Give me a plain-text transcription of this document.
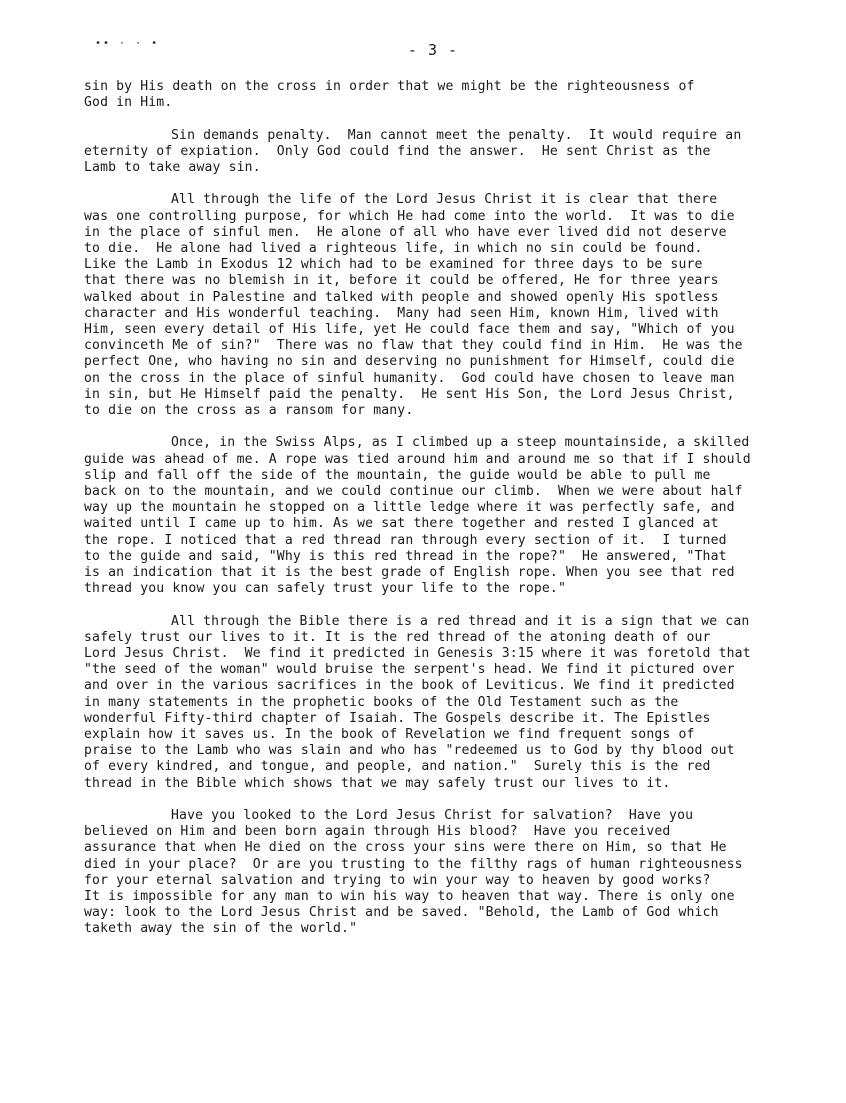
•∙ · · •	- 3 -
sin by His death on the cross in order that we might be the righteousness of
God in Him.
Sin demands penalty.  Man cannot meet the penalty.  It would require an
eternity of expiation.  Only God could find the answer.  He sent Christ as the
Lamb to take away sin.
All through the life of the Lord Jesus Christ it is clear that there
was one controlling purpose, for which He had come into the world.  It was to die
in the place of sinful men.  He alone of all who have ever lived did not deserve
to die.  He alone had lived a righteous life, in which no sin could be found.
Like the Lamb in Exodus 12 which had to be examined for three days to be sure
that there was no blemish in it, before it could be offered, He for three years
walked about in Palestine and talked with people and showed openly His spotless
character and His wonderful teaching.  Many had seen Him, known Him, lived with
Him, seen every detail of His life, yet He could face them and say, "Which of you
convinceth Me of sin?"  There was no flaw that they could find in Him.  He was the
perfect One, who having no sin and deserving no punishment for Himself, could die
on the cross in the place of sinful humanity.  God could have chosen to leave man
in sin, but He Himself paid the penalty.  He sent His Son, the Lord Jesus Christ,
to die on the cross as a ransom for many.
Once, in the Swiss Alps, as I climbed up a steep mountainside, a skilled
guide was ahead of me. A rope was tied around him and around me so that if I should
slip and fall off the side of the mountain, the guide would be able to pull me
back on to the mountain, and we could continue our climb.  When we were about half
way up the mountain he stopped on a little ledge where it was perfectly safe, and
waited until I came up to him. As we sat there together and rested I glanced at
the rope. I noticed that a red thread ran through every section of it.  I turned
to the guide and said, "Why is this red thread in the rope?"  He answered, "That
is an indication that it is the best grade of English rope. When you see that red
thread you know you can safely trust your life to the rope."
All through the Bible there is a red thread and it is a sign that we can
safely trust our lives to it. It is the red thread of the atoning death of our
Lord Jesus Christ.  We find it predicted in Genesis 3:15 where it was foretold that
"the seed of the woman" would bruise the serpent's head. We find it pictured over
and over in the various sacrifices in the book of Leviticus. We find it predicted
in many statements in the prophetic books of the Old Testament such as the
wonderful Fifty-third chapter of Isaiah. The Gospels describe it. The Epistles
explain how it saves us. In the book of Revelation we find frequent songs of
praise to the Lamb who was slain and who has "redeemed us to God by thy blood out
of every kindred, and tongue, and people, and nation."  Surely this is the red
thread in the Bible which shows that we may safely trust our lives to it.
Have you looked to the Lord Jesus Christ for salvation?  Have you
believed on Him and been born again through His blood?  Have you received
assurance that when He died on the cross your sins were there on Him, so that He
died in your place?  Or are you trusting to the filthy rags of human righteousness
for your eternal salvation and trying to win your way to heaven by good works?
It is impossible for any man to win his way to heaven that way. There is only one
way: look to the Lord Jesus Christ and be saved. "Behold, the Lamb of God which
taketh away the sin of the world."
